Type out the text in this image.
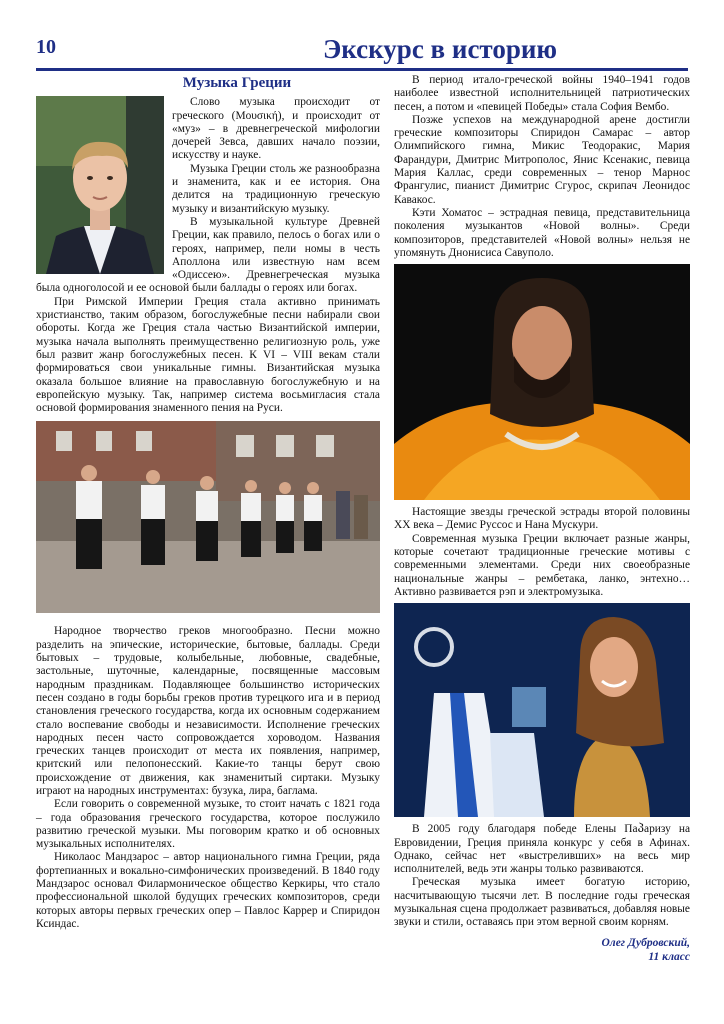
10	Экскурс в историю
Музыка Греции

Слово музыка происходит от греческого (Μουσική), и происходит от «муз» – в древнегреческой мифологии дочерей Зевса, давших начало поэзии, искусству и науке.

Музыка Греции столь же разнообразна и знаменита, как и ее история. Она делится на традиционную греческую музыку и византийскую музыку.

В музыкальной культуре Древней Греции, как правило, пелось о богах или о героях, например, пели номы в честь Аполлона или известную нам всем «Одиссею». Древнегреческая музыка была одноголосой и ее основой были баллады о героях или богах.

При Римской Империи Греция стала активно принимать христианство, таким образом, богослужебные песни набирали свои обороты. Когда же Греция стала частью Византийской империи, музыка начала выполнять преимущественно религиозную роль, уже был развит жанр богослужебных песен. К VI – VIII векам стали формироваться свои уникальные гимны. Византийская музыка оказала большое влияние на православную богослужебную и на европейскую музыку. Так, например система восьмигласия стала основой формирования знаменного пения на Руси.

Народное творчество греков многообразно. Песни можно разделить на эпические, исторические, бытовые, баллады. Среди бытовых – трудовые, колыбельные, любовные, свадебные, застольные, шуточные, календарные, посвященные массовым народным праздникам. Подавляющее большинство исторических песен создано в годы борьбы греков против турецкого ига и в период становления греческого государства, когда их основным содержанием стало воспевание свободы и независимости. Исполнение греческих народных песен часто сопровождается хороводом. Названия греческих танцев происходит от места их появления, например, критский или пелопонесский. Какие-то танцы берут свою происхождение от движения, как знаменитый сиртаки. Музыку играют на народных инструментах: бузука, лира, баглама.

Если говорить о современной музыке, то стоит начать с 1821 года – года образования греческого государства, которое послужило развитию греческой музыки. Мы поговорим кратко и об основных музыкальных исполнителях.

Николаос Мандзарос – автор национального гимна Греции, ряда фортепианных и вокально-симфонических произведений. В 1840 году Мандзарос основал Филармоническое общество Керкиры, что стало профессиональной школой будущих греческих композиторов, среди которых авторы первых греческих опер – Павлос Каррер и Спиридон Ксиндас.

В период итало-греческой войны 1940–1941 годов наиболее известной исполнительницей патриотических песен, а потом и «певицей Победы» стала София Вембо.

Позже успехов на международной арене достигли греческие композиторы Спиридон Самарас – автор Олимпийского гимна, Микис Теодоракис, Мария Фарандури, Дмитрис Митрополос, Янис Ксенакис, певица Мария Каллас, среди современных – тенор Марнос Франгулис, пианист Димитрис Сгурос, скрипач Леонидос Кавакос.

Кэти Хоматос – эстрадная певица, представительница поколения музыкантов «Новой волны». Среди композиторов, представителей «Новой волны» нельзя не упомянуть Днонисиса Савуполо.

Настоящие звезды греческой эстрады второй половины XX века – Демис Руссос и Нана Мускури.

Современная музыка Греции включает разные жанры, которые сочетают традиционные греческие мотивы с современными элементами. Среди них своеобразные национальные жанры – рембетака, ланко, энтехно… Активно развивается рэп и электромузыка.

В 2005 году благодаря победе Елены Паპаризу на Евровидении, Греция приняла конкурс у себя в Афинах. Однако, сейчас нет «выстреливших» на весь мир исполнителей, ведь эти жанры только развиваются.

Греческая музыка имеет богатую историю, насчитывающую тысячи лет. В последние годы греческая музыкальная сцена продолжает развиваться, добавляя новые звуки и стили, оставаясь при этом верной своим корням.

Олег Дубровский,
11 класс
